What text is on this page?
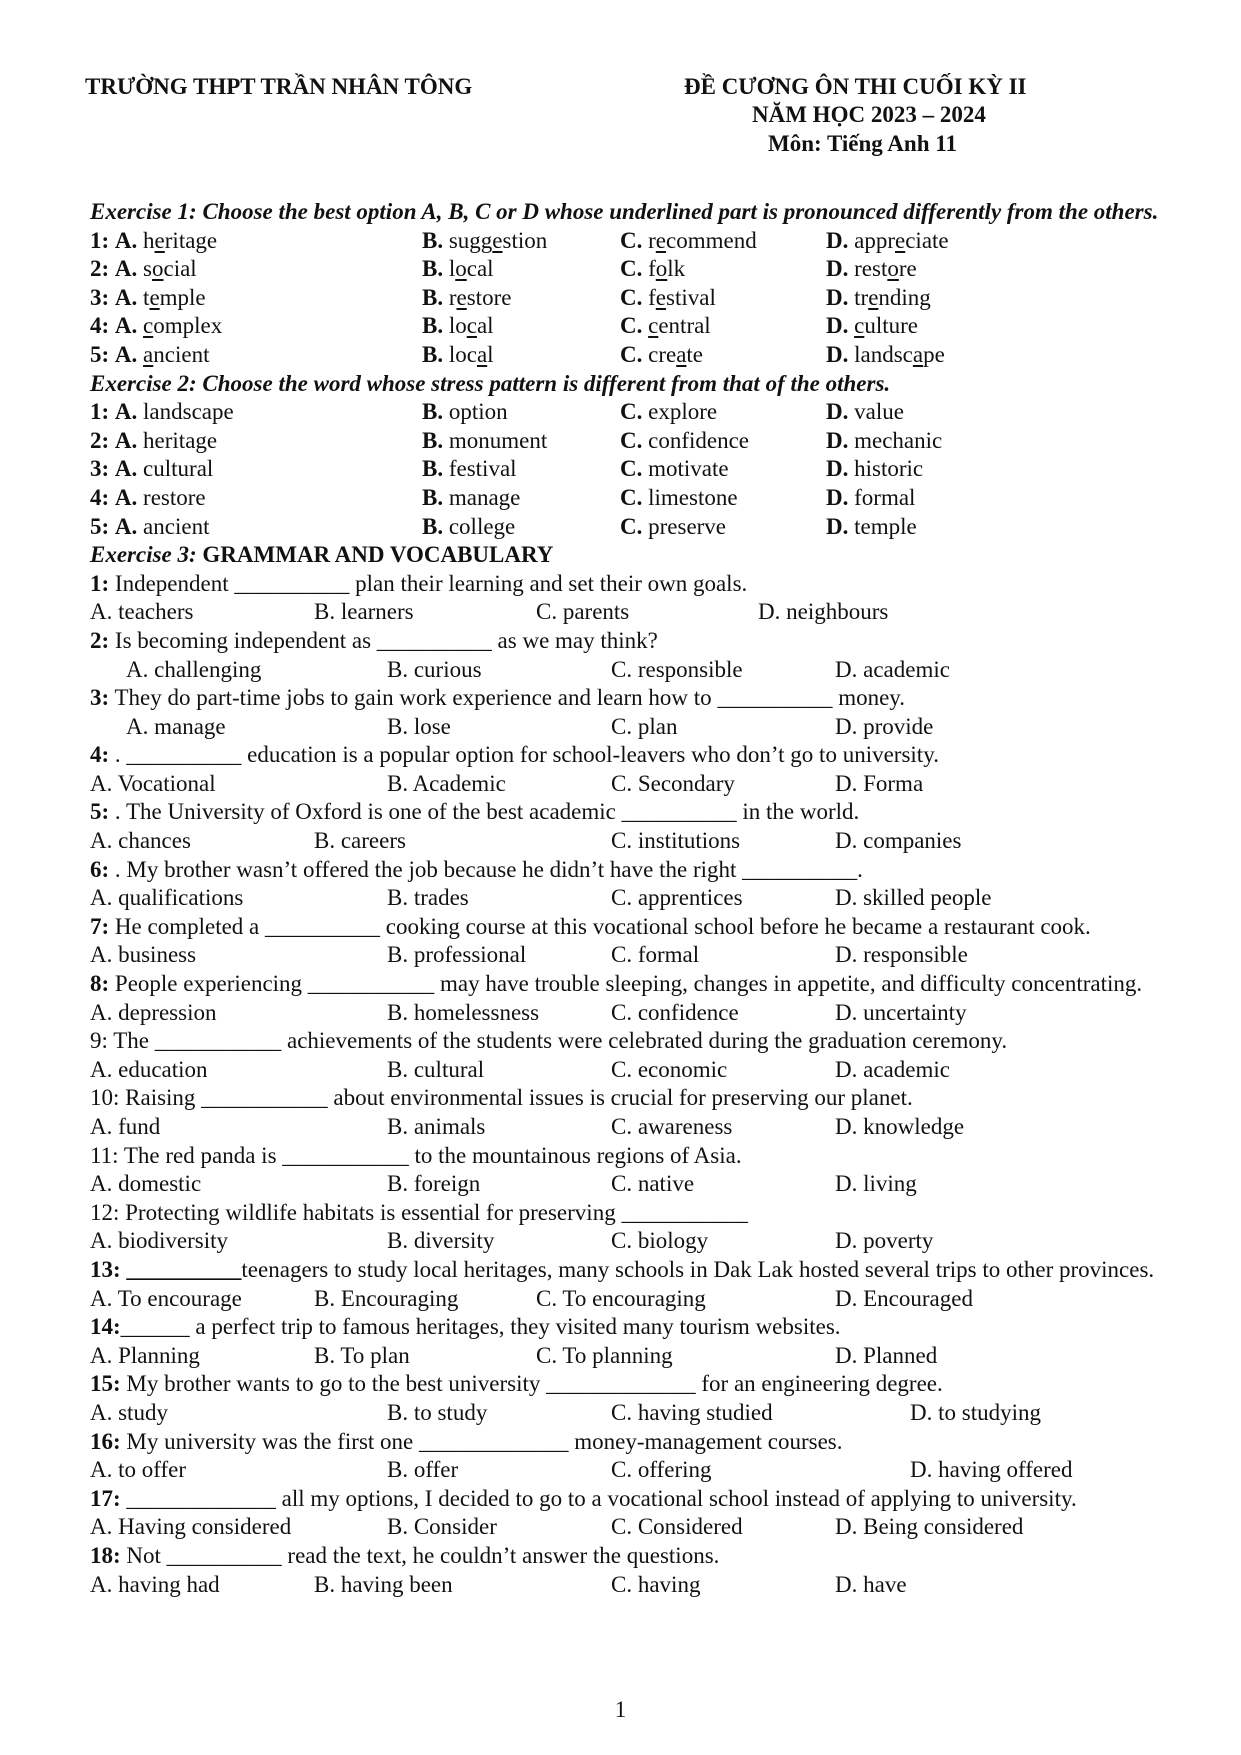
TRƯỜNG THPT TRẦN NHÂN TÔNG	ĐỀ CƯƠNG ÔN THI CUỐI KỲ II
NĂM HỌC 2023 – 2024
Môn: Tiếng Anh 11
Exercise 1: Choose the best option A, B, C or D whose underlined part is pronounced differently from the others.
1: A. heritage	B. suggestion	C. recommend	D. appreciate
2: A. social	B. local	C. folk	D. restore
3: A. temple	B. restore	C. festival	D. trending
4: A. complex	B. local	C. central	D. culture
5: A. ancient	B. local	C. create	D. landscape
Exercise 2: Choose the word whose stress pattern is different from that of the others.
1: A. landscape	B. option	C. explore	D. value
2: A. heritage	B. monument	C. confidence	D. mechanic
3: A. cultural	B. festival	C. motivate	D. historic
4: A. restore	B. manage	C. limestone	D. formal
5: A. ancient	B. college	C. preserve	D. temple
Exercise 3: GRAMMAR AND VOCABULARY
1: Independent __________ plan their learning and set their own goals.
A. teachers	B. learners	C. parents	D. neighbours
2: Is becoming independent as __________ as we may think?
A. challenging	B. curious	C. responsible	D. academic
3: They do part-time jobs to gain work experience and learn how to __________ money.
A. manage	B. lose	C. plan	D. provide
4: . __________ education is a popular option for school-leavers who don’t go to university.
A. Vocational	B. Academic	C. Secondary	D. Forma
5: . The University of Oxford is one of the best academic __________ in the world.
A. chances	B. careers	C. institutions	D. companies
6: . My brother wasn’t offered the job because he didn’t have the right __________.
A. qualifications	B. trades	C. apprentices	D. skilled people
7: He completed a __________ cooking course at this vocational school before he became a restaurant cook.
A. business	B. professional	C. formal	D. responsible
8: People experiencing ___________ may have trouble sleeping, changes in appetite, and difficulty concentrating.
A. depression	B. homelessness	C. confidence	D. uncertainty
9: The ___________ achievements of the students were celebrated during the graduation ceremony.
A. education	B. cultural	C. economic	D. academic
10: Raising ___________ about environmental issues is crucial for preserving our planet.
A. fund	B. animals	C. awareness	D. knowledge
11: The red panda is ___________ to the mountainous regions of Asia.
A. domestic	B. foreign	C. native	D. living
12: Protecting wildlife habitats is essential for preserving ___________
A. biodiversity	B. diversity	C. biology	D. poverty
13: __________teenagers to study local heritages, many schools in Dak Lak hosted several trips to other provinces.
A. To encourage	B. Encouraging	C. To encouraging	D. Encouraged
14:______ a perfect trip to famous heritages, they visited many tourism websites.
A. Planning	B. To plan	C. To planning	D. Planned
15: My brother wants to go to the best university _____________ for an engineering degree.
A. study	B. to study	C. having studied	D. to studying
16: My university was the first one _____________ money-management courses.
A. to offer	B. offer	C. offering	D. having offered
17: _____________ all my options, I decided to go to a vocational school instead of applying to university.
A. Having considered	B. Consider	C. Considered	D. Being considered
18: Not __________ read the text, he couldn’t answer the questions.
A. having had	B. having been	C. having	D. have
1
